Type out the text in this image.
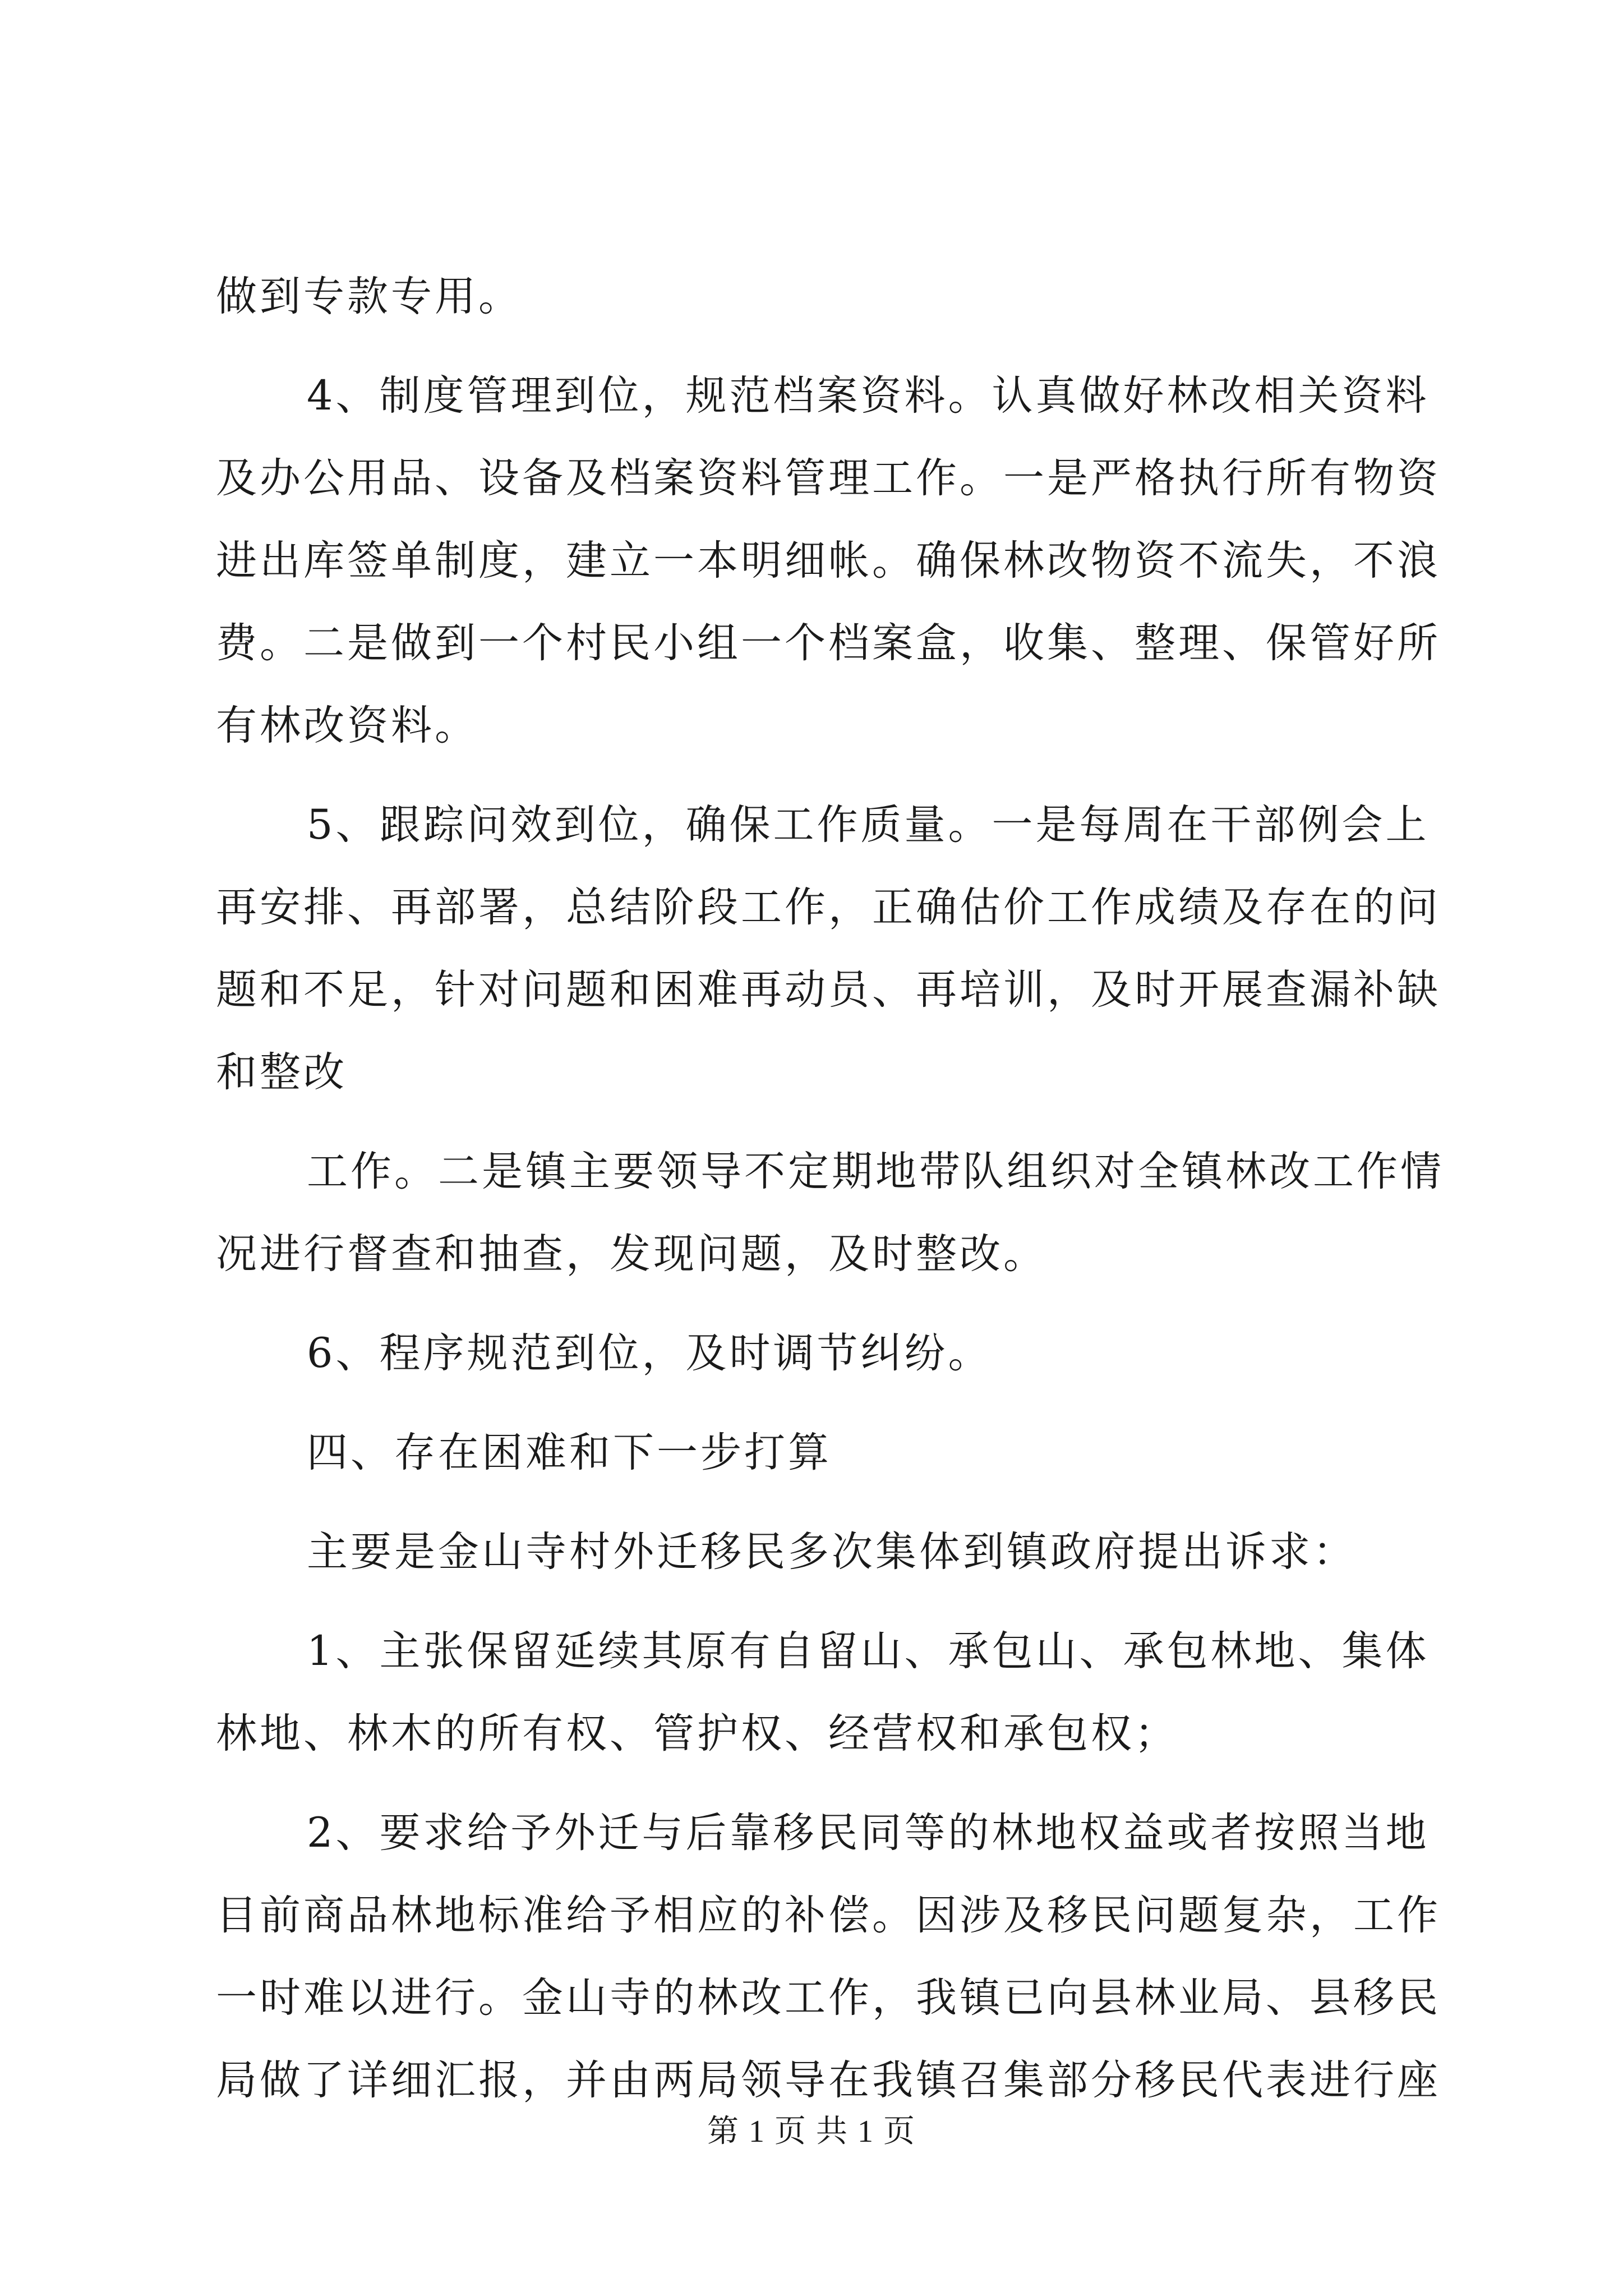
做到专款专用。
4、制度管理到位，规范档案资料。认真做好林改相关资料
及办公用品、设备及档案资料管理工作。一是严格执行所有物资
进出库签单制度，建立一本明细帐。确保林改物资不流失，不浪
费。二是做到一个村民小组一个档案盒，收集、整理、保管好所
有林改资料。
5、跟踪问效到位，确保工作质量。一是每周在干部例会上
再安排、再部署，总结阶段工作，正确估价工作成绩及存在的问
题和不足，针对问题和困难再动员、再培训，及时开展查漏补缺
和整改
工作。二是镇主要领导不定期地带队组织对全镇林改工作情
况进行督查和抽查，发现问题，及时整改。
6、程序规范到位，及时调节纠纷。
四、存在困难和下一步打算
主要是金山寺村外迁移民多次集体到镇政府提出诉求：
1、主张保留延续其原有自留山、承包山、承包林地、集体
林地、林木的所有权、管护权、经营权和承包权；
2、要求给予外迁与后靠移民同等的林地权益或者按照当地
目前商品林地标准给予相应的补偿。因涉及移民问题复杂，工作
一时难以进行。金山寺的林改工作，我镇已向县林业局、县移民
局做了详细汇报，并由两局领导在我镇召集部分移民代表进行座
第 1 页 共 1 页
